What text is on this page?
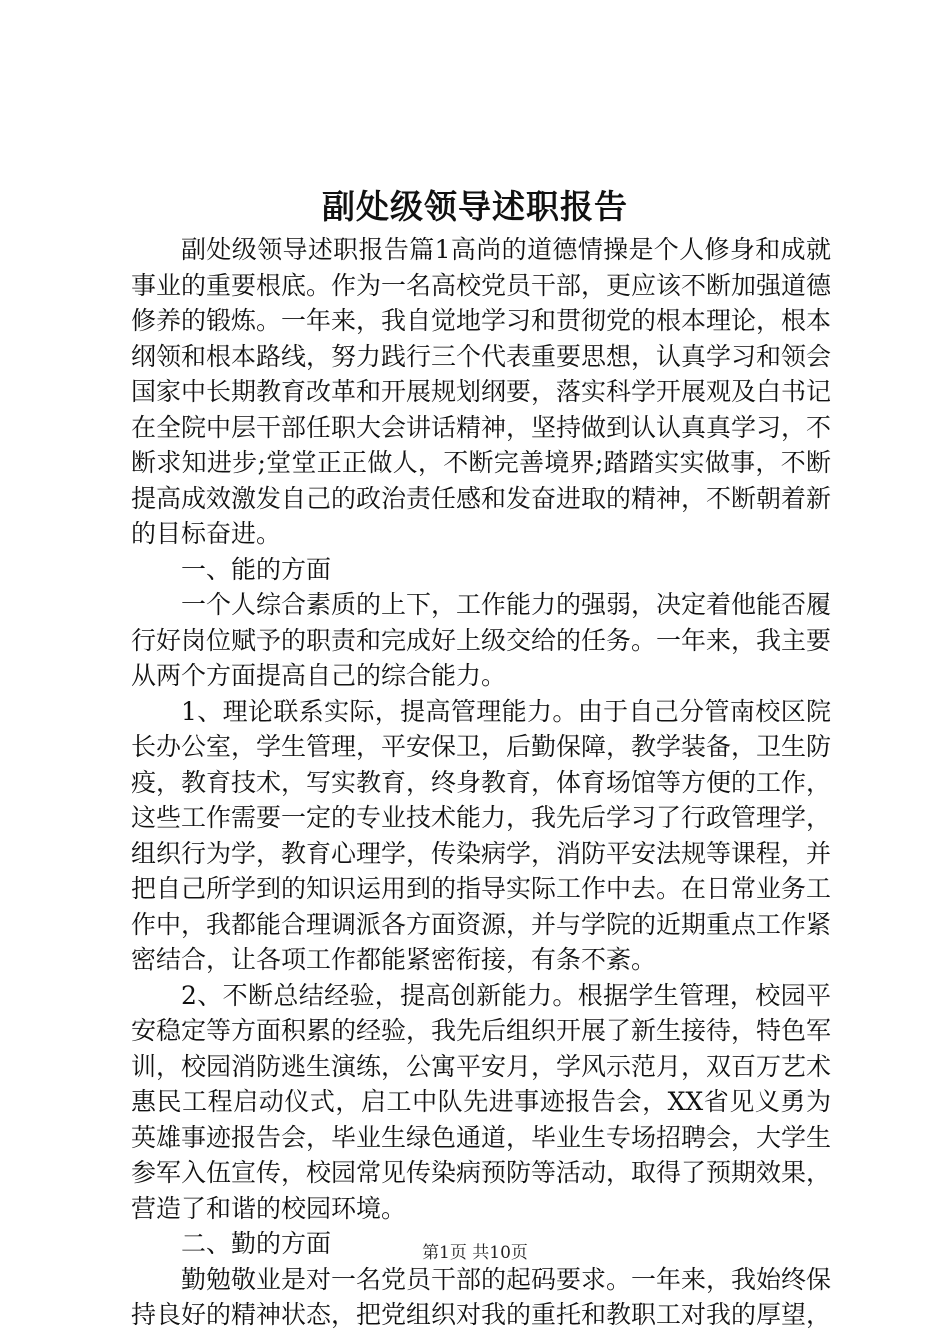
副处级领导述职报告

副处级领导述职报告篇1高尚的道德情操是个人修身和成就事业的重要根底。作为一名高校党员干部，更应该不断加强道德修养的锻炼。一年来，我自觉地学习和贯彻党的根本理论，根本纲领和根本路线，努力践行三个代表重要思想，认真学习和领会国家中长期教育改革和开展规划纲要，落实科学开展观及白书记在全院中层干部任职大会讲话精神，坚持做到认认真真学习，不断求知进步;堂堂正正做人，不断完善境界;踏踏实实做事，不断提高成效激发自己的政治责任感和发奋进取的精神，不断朝着新的目标奋进。

一、能的方面

一个人综合素质的上下，工作能力的强弱，决定着他能否履行好岗位赋予的职责和完成好上级交给的任务。一年来，我主要从两个方面提高自己的综合能力。

1、理论联系实际，提高管理能力。由于自己分管南校区院长办公室，学生管理，平安保卫，后勤保障，教学装备，卫生防疫，教育技术，写实教育，终身教育，体育场馆等方便的工作，这些工作需要一定的专业技术能力，我先后学习了行政管理学，组织行为学，教育心理学，传染病学，消防平安法规等课程，并把自己所学到的知识运用到的指导实际工作中去。在日常业务工作中，我都能合理调派各方面资源，并与学院的近期重点工作紧密结合，让各项工作都能紧密衔接，有条不紊。

2、不断总结经验，提高创新能力。根据学生管理，校园平安稳定等方面积累的经验，我先后组织开展了新生接待，特色军训，校园消防逃生演练，公寓平安月，学风示范月，双百万艺术惠民工程启动仪式，启工中队先进事迹报告会，XX省见义勇为英雄事迹报告会，毕业生绿色通道，毕业生专场招聘会，大学生参军入伍宣传，校园常见传染病预防等活动，取得了预期效果，营造了和谐的校园环境。

二、勤的方面

勤勉敬业是对一名党员干部的起码要求。一年来，我始终保持良好的精神状态，把党组织对我的重托和教职工对我的厚望，

第1页 共10页
